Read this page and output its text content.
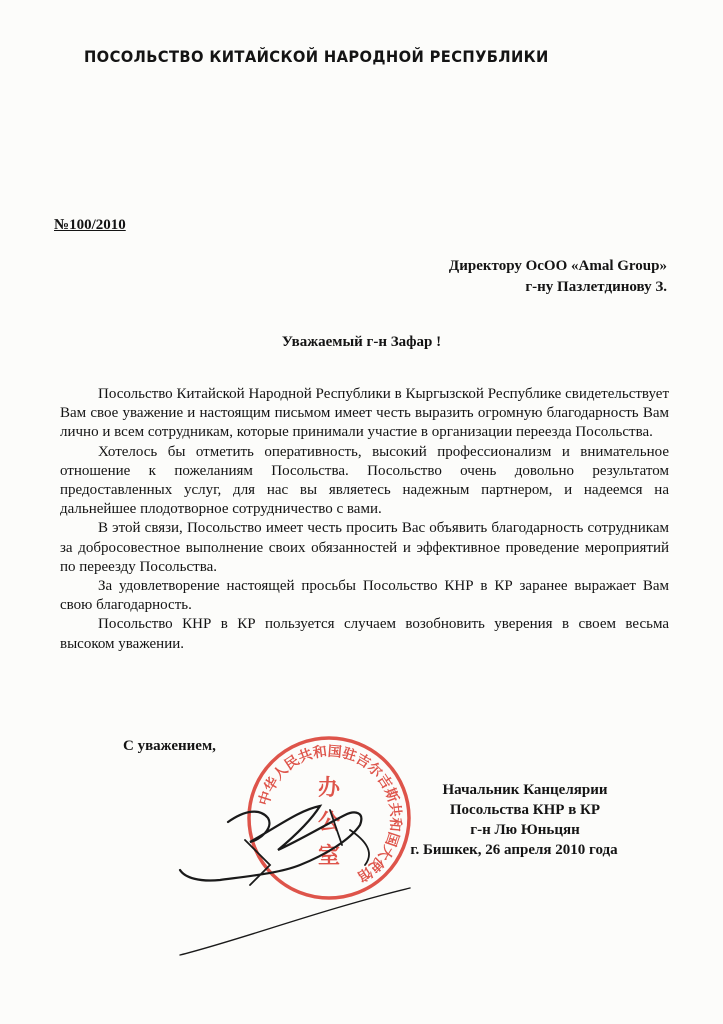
ПОСОЛЬСТВО КИТАЙСКОЙ НАРОДНОЙ РЕСПУБЛИКИ
№100/2010
Директору ОсОО «Amal Group»
г-ну Пазлетдинову З.
Уважаемый г-н Зафар !

Посольство Китайской Народной Республики в Кыргызской Республике свидетельствует Вам свое уважение и настоящим письмом имеет честь выразить огромную благодарность Вам лично и всем сотрудникам, которые принимали участие в организации переезда Посольства.

Хотелось бы отметить оперативность, высокий профессионализм и внимательное отношение к пожеланиям Посольства. Посольство очень довольно результатом предоставленных услуг, для нас вы являетесь надежным партнером, и надеемся на дальнейшее плодотворное сотрудничество с вами.

В этой связи, Посольство имеет честь просить Вас объявить благодарность сотрудникам за добросовестное выполнение своих обязанностей и эффективное проведение мероприятий по переезду Посольства.

За удовлетворение настоящей просьбы Посольство КНР в КР заранее выражает Вам свою благодарность.

Посольство КНР в КР пользуется случаем возобновить уверения в своем весьма высоком уважении.

С уважением,
中华人民共和国驻吉尔吉斯共和国大使馆
办
公
室
Начальник Канцелярии
Посольства КНР в КР
г-н Лю Юньцян
г. Бишкек, 26 апреля 2010 года
